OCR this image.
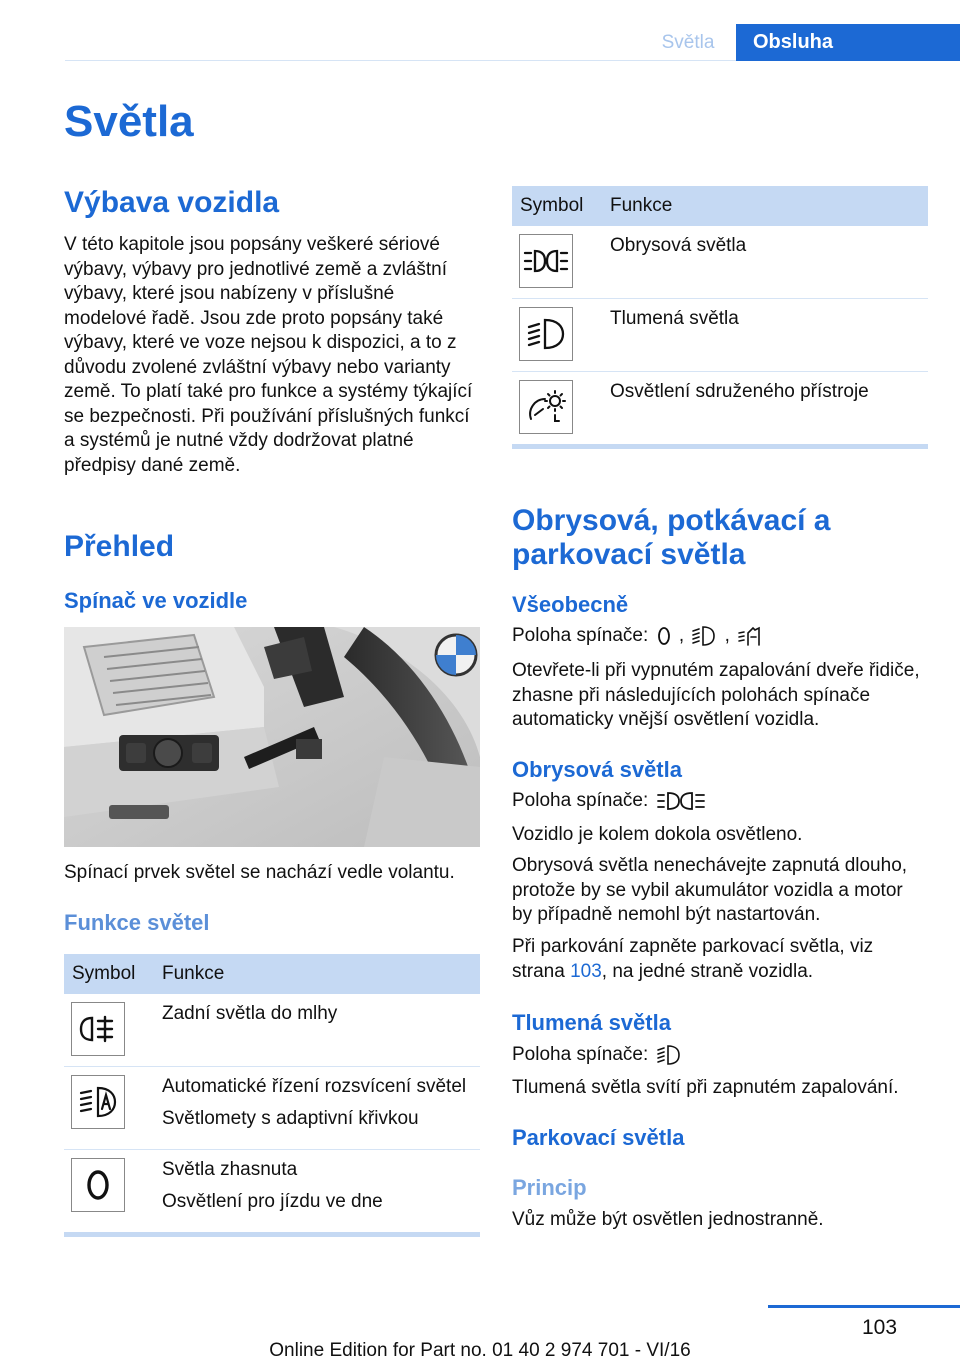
Světla	Obsluha
Světla
Výbava vozidla

V této kapitole jsou popsány veškeré sériové výbavy, výbavy pro jednotlivé země a zvláštní výbavy, které jsou nabízeny v příslušné modelové řadě. Jsou zde proto popsány také výbavy, které ve voze nejsou k dispozici, a to z důvodu zvolené zvláštní výbavy nebo varianty země. To platí také pro funkce a systémy týkající se bezpečnosti. Při používání příslušných funkcí a systémů je nutné vždy dodržovat platné předpisy dané země.

Přehled
Spínač ve vozidle

Spínací prvek světel se nachází vedle volantu.

Funkce světel
Symbol	Funkce

Zadní světla do mlhy

Automatické řízení rozsvícení světel
Světlomety s adaptivní křivkou

Světla zhasnuta
Osvětlení pro jízdu ve dne
Symbol	Funkce

Obrysová světla

Tlumená světla

Osvětlení sdruženého přístroje
Obrysová, potkávací a parkovací světla
Všeobecně

Poloha spínače: , ,

Otevřete-li při vypnutém zapalování dveře řidiče, zhasne při následujících polohách spínače automaticky vnější osvětlení vozidla.

Obrysová světla

Poloha spínače:

Vozidlo je kolem dokola osvětleno.

Obrysová světla nenechávejte zapnutá dlouho, protože by se vybil akumulátor vozidla a motor by případně nemohl být nastartován.

Při parkování zapněte parkovací světla, viz strana 103, na jedné straně vozidla.

Tlumená světla

Poloha spínače:

Tlumená světla svítí při zapnutém zapalování.

Parkovací světla
Princip

Vůz může být osvětlen jednostranně.

103
Online Edition for Part no. 01 40 2 974 701 - VI/16
